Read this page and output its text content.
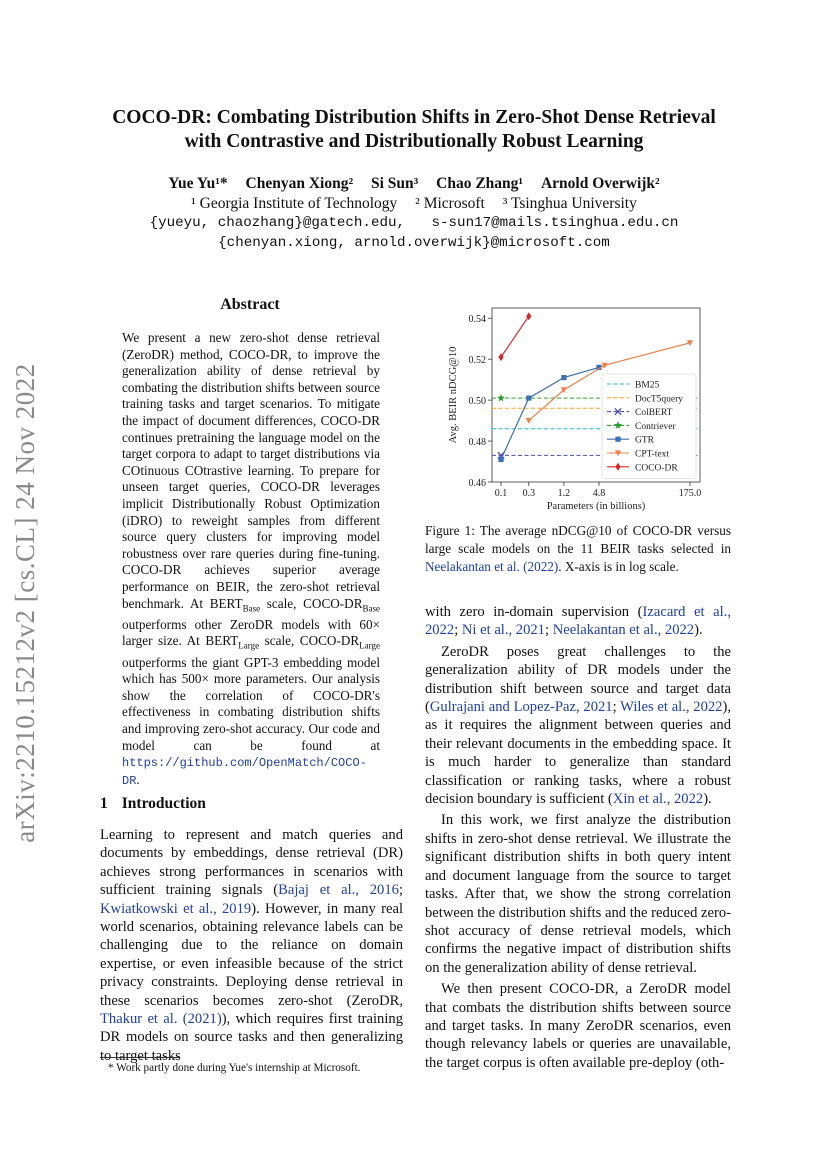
arXiv:2210.15212v2 [cs.CL] 24 Nov 2022
COCO-DR: Combating Distribution Shifts in Zero-Shot Dense Retrieval
with Contrastive and Distributionally Robust Learning
Yue Yu¹* Chenyan Xiong² Si Sun³ Chao Zhang¹ Arnold Overwijk²
¹ Georgia Institute of Technology ² Microsoft ³ Tsinghua University
{yueyu, chaozhang}@gatech.edu, s-sun17@mails.tsinghua.edu.cn
{chenyan.xiong, arnold.overwijk}@microsoft.com
Abstract

We present a new zero-shot dense retrieval (ZeroDR) method, COCO-DR, to improve the generalization ability of dense retrieval by combating the distribution shifts between source training tasks and target scenarios. To mitigate the impact of document differences, COCO-DR continues pretraining the language model on the target corpora to adapt to target distributions via COtinuous COtrastive learning. To prepare for unseen target queries, COCO-DR leverages implicit Distributionally Robust Optimization (iDRO) to reweight samples from different source query clusters for improving model robustness over rare queries during fine-tuning. COCO-DR achieves superior average performance on BEIR, the zero-shot retrieval benchmark. At $BERT_{Base}$ scale, COCO-$DR_{Base}$ outperforms other ZeroDR models with 60× larger size. At $BERT_{Large}$ scale, COCO-$DR_{Large}$ outperforms the giant GPT-3 embedding model which has 500× more parameters. Our analysis show the correlation of COCO-DR's effectiveness in combating distribution shifts and improving zero-shot accuracy. Our code and model can be found at https://github.com/OpenMatch/COCO-DR.

1 Introduction

Learning to represent and match queries and documents by embeddings, dense retrieval (DR) achieves strong performances in scenarios with sufficient training signals (Bajaj et al., 2016; Kwiatkowski et al., 2019). However, in many real world scenarios, obtaining relevance labels can be challenging due to the reliance on domain expertise, or even infeasible because of the strict privacy constraints. Deploying dense retrieval in these scenarios becomes zero-shot (ZeroDR, Thakur et al. (2021)), which requires first training DR models on source tasks and then generalizing to target tasks

* Work partly done during Yue's internship at Microsoft.
0.46
0.48
0.50
0.52
0.54
0.1 0.3 1.2 4.8	175.0
Parameters (in billions)
Avg. BEIR nDCG@10	BM25
DocT5query
ColBERT
Contriever
GTR
CPT-text
COCO-DR

Figure 1: The average nDCG@10 of COCO-DR versus large scale models on the 11 BEIR tasks selected in Neelakantan et al. (2022). X-axis is in log scale.

with zero in-domain supervision (Izacard et al., 2022; Ni et al., 2021; Neelakantan et al., 2022).

ZeroDR poses great challenges to the generalization ability of DR models under the distribution shift between source and target data (Gulrajani and Lopez-Paz, 2021; Wiles et al., 2022), as it requires the alignment between queries and their relevant documents in the embedding space. It is much harder to generalize than standard classification or ranking tasks, where a robust decision boundary is sufficient (Xin et al., 2022).

In this work, we first analyze the distribution shifts in zero-shot dense retrieval. We illustrate the significant distribution shifts in both query intent and document language from the source to target tasks. After that, we show the strong correlation between the distribution shifts and the reduced zero-shot accuracy of dense retrieval models, which confirms the negative impact of distribution shifts on the generalization ability of dense retrieval.

We then present COCO-DR, a ZeroDR model that combats the distribution shifts between source and target tasks. In many ZeroDR scenarios, even though relevancy labels or queries are unavailable, the target corpus is often available pre-deploy (oth-
